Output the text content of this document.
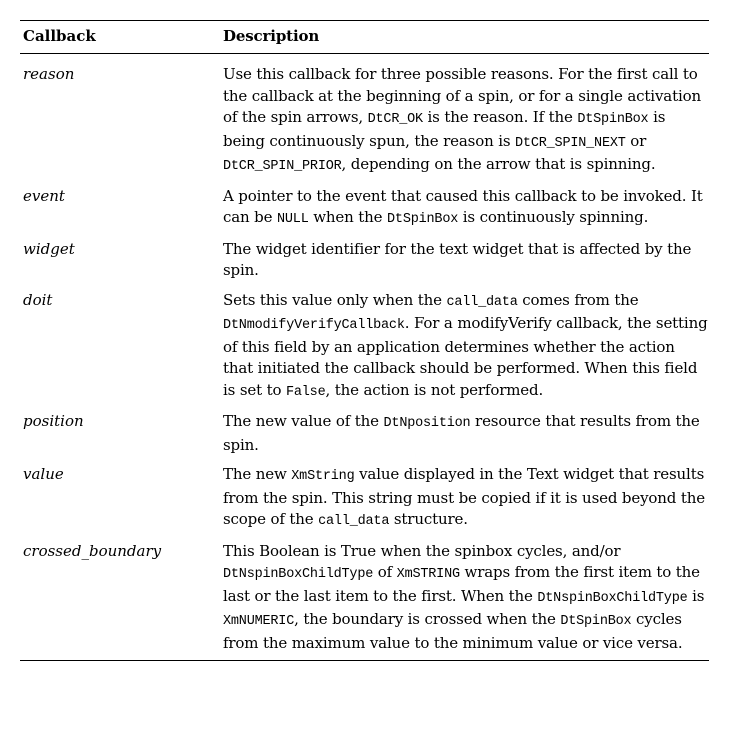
Callback	Description
reason	Use this callback for three possible reasons. For the first call to the callback at the beginning of a spin, or for a single activation of the spin arrows, DtCR_OK is the reason. If the DtSpinBox is being continuously spun, the reason is DtCR_SPIN_NEXT or DtCR_SPIN_PRIOR, depending on the arrow that is spinning.
event	A pointer to the event that caused this callback to be invoked. It can be NULL when the DtSpinBox is continuously spinning.
widget	The widget identifier for the text widget that is affected by the spin.
doit	Sets this value only when the call_data comes from the DtNmodifyVerifyCallback. For a modifyVerify callback, the setting of this field by an application determines whether the action that initiated the callback should be performed. When this field is set to False, the action is not performed.
position	The new value of the DtNposition resource that results from the spin.
value	The new XmString value displayed in the Text widget that results from the spin. This string must be copied if it is used beyond the scope of the call_data structure.
crossed_boundary	This Boolean is True when the spinbox cycles, and/or DtNspinBoxChildType of XmSTRING wraps from the first item to the last or the last item to the first. When the DtNspinBoxChildType is XmNUMERIC, the boundary is crossed when the DtSpinBox cycles from the maximum value to the minimum value or vice versa.
